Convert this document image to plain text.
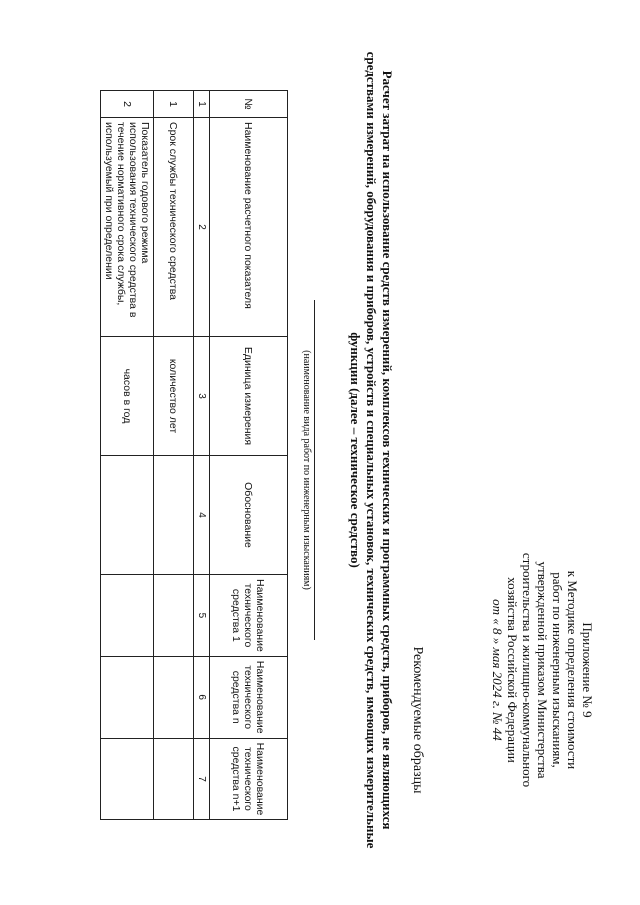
Приложение № 9
к Методике определения стоимости
работ по инженерным изысканиям,
утвержденной приказом Министерства
строительства и жилищно-коммунального
хозяйства Российской Федерации
от « 8 » мая 2024 г. № 44
Рекомендуемые образцы
Расчет затрат на использование средств измерений, комплексов технических и программных средств, приборов, не являющихся средствами измерений, оборудования и приборов, устройств и специальных установок, технических средств, имеющих измерительные функции (далее – техническое средство)
(наименование вида работ по инженерным изысканиям)
№	Наименование расчетного показателя	Единица измерения	Обоснование	Наименование технического средства 1	Наименование технического средства n	Наименование технического средства n+1
1	2	3	4	5	6	7
1	Срок службы технического средства	количество лет				
2	Показатель годового режима использования технического средства в течение нормативного срока службы, используемый при определении	часов в год				
